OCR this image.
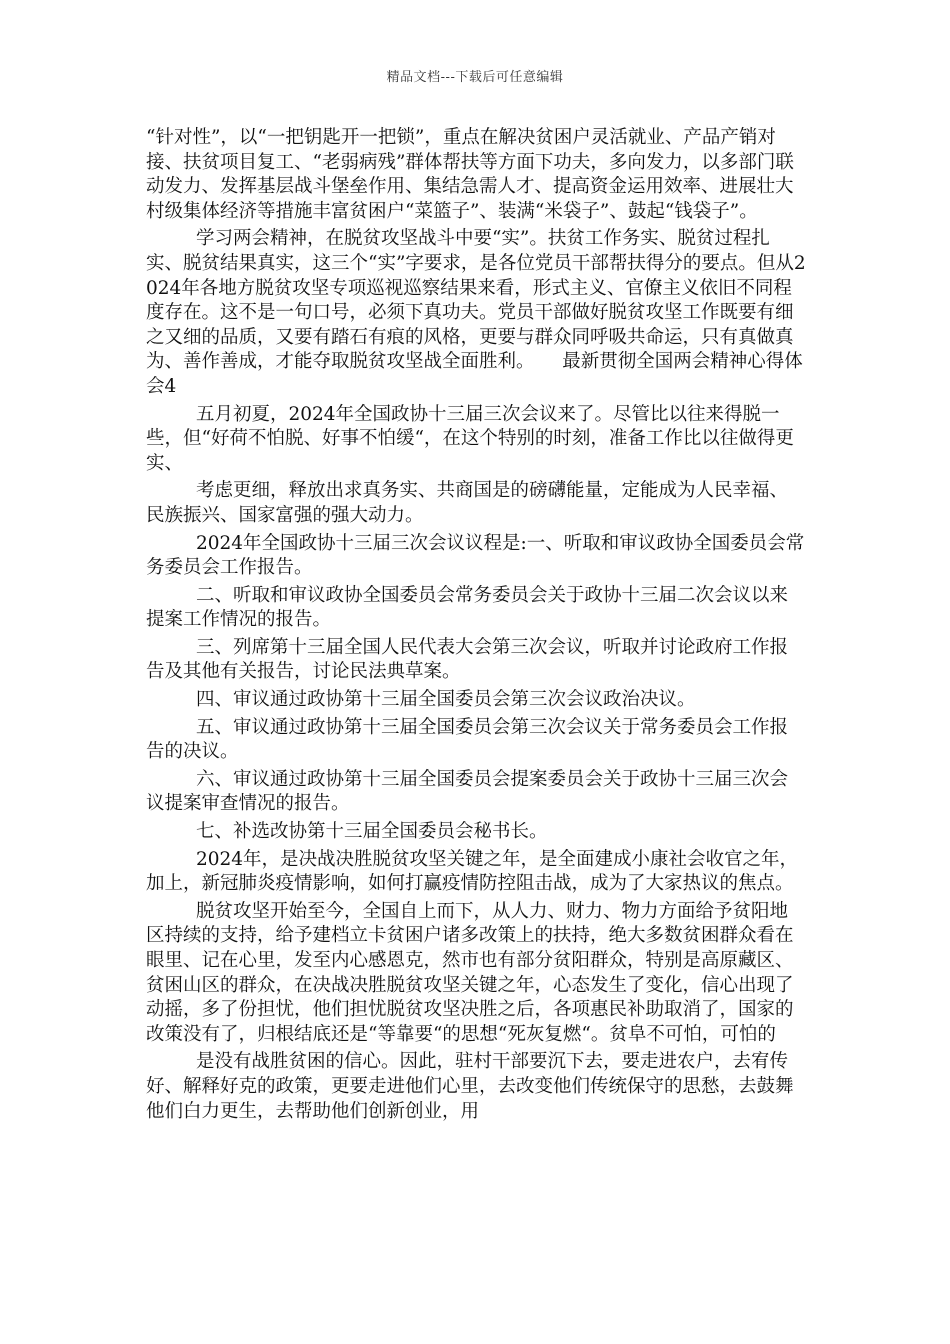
精品文档---下载后可任意编辑

“针对性”，以“一把钥匙开一把锁”，重点在解决贫困户灵活就业、产品产销对接、扶贫项目复工、“老弱病残”群体帮扶等方面下功夫，多向发力，以多部门联动发力、发挥基层战斗堡垒作用、集结急需人才、提高资金运用效率、进展壮大村级集体经济等措施丰富贫困户“菜篮子”、装满“米袋子”、鼓起“钱袋子”。

学习两会精神，在脱贫攻坚战斗中要“实”。扶贫工作务实、脱贫过程扎实、脱贫结果真实，这三个“实”字要求，是各位党员干部帮扶得分的要点。但从2024年各地方脱贫攻坚专项巡视巡察结果来看，形式主义、官僚主义依旧不同程度存在。这不是一句口号，必须下真功夫。党员干部做好脱贫攻坚工作既要有细之又细的品质，又要有踏石有痕的风格，更要与群众同呼吸共命运，只有真做真为、善作善成，才能夺取脱贫攻坚战全面胜利。　　最新贯彻全国两会精神心得体会4

五月初夏，2024年全国政协十三届三次会议来了。尽管比以往来得脱一些，但“好荷不怕脱、好事不怕缓“，在这个特别的时刻，准备工作比以往做得更实、

考虑更细，释放出求真务实、共商国是的磅礴能量，定能成为人民幸福、民族振兴、国家富强的强大动力。

2024年全国政协十三届三次会议议程是:一、听取和审议政协全国委员会常务委员会工作报告。

二、听取和审议政协全国委员会常务委员会关于政协十三届二次会议以来提案工作情况的报告。

三、列席第十三届全国人民代表大会第三次会议，听取并讨论政府工作报告及其他有关报告，讨论民法典草案。

四、审议通过政协第十三届全国委员会第三次会议政治决议。

五、审议通过政协第十三届全国委员会第三次会议关于常务委员会工作报告的决议。

六、审议通过政协第十三届全国委员会提案委员会关于政协十三届三次会议提案审查情况的报告。

七、补选改协第十三届全国委员会秘书长。

2024年，是决战决胜脱贫攻坚关键之年，是全面建成小康社会收官之年，加上，新冠肺炎疫情影响，如何打赢疫情防控阻击战，成为了大家热议的焦点。

脱贫攻坚开始至今，全国自上而下，从人力、财力、物力方面给予贫阳地区持续的支持，给予建档立卡贫困户诸多改策上的扶持，绝大多数贫困群众看在眼里、记在心里，发至内心感恩克，然市也有部分贫阳群众，特别是高原藏区、贫困山区的群众，在决战决胜脱贫攻坚关键之年，心态发生了变化，信心出现了动摇，多了份担忧，他们担忧脱贫攻坚决胜之后，各项惠民补助取消了，国家的改策没有了，归根结底还是“等靠要“的思想“死灰复燃“。贫阜不可怕，可怕的

是没有战胜贫困的信心。因此，驻村干部要沉下去，要走进农户，去宥传好、解释好克的政策，更要走进他们心里，去改变他们传统保守的思愁，去鼓舞他们白力更生，去帮助他们创新创业，用
